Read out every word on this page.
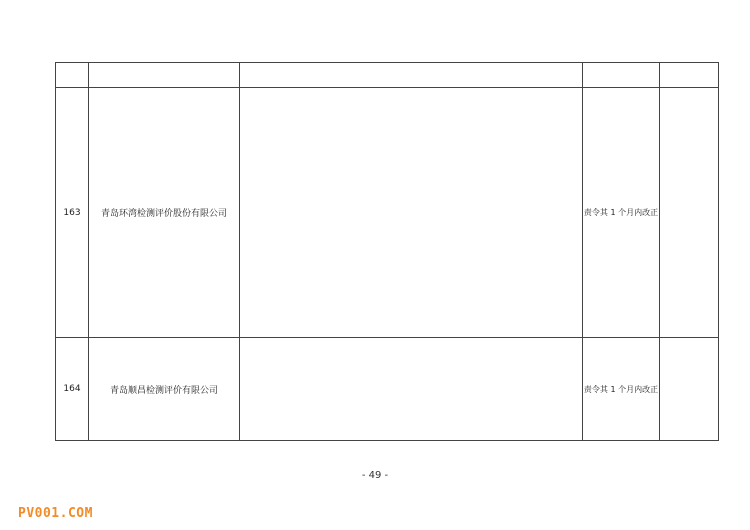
163	青岛环湾检测评价股份有限公司		责令其 1 个月内改正	
164	青岛顺昌检测评价有限公司		责令其 1 个月内改正	
- 49 -
PV001.COM
